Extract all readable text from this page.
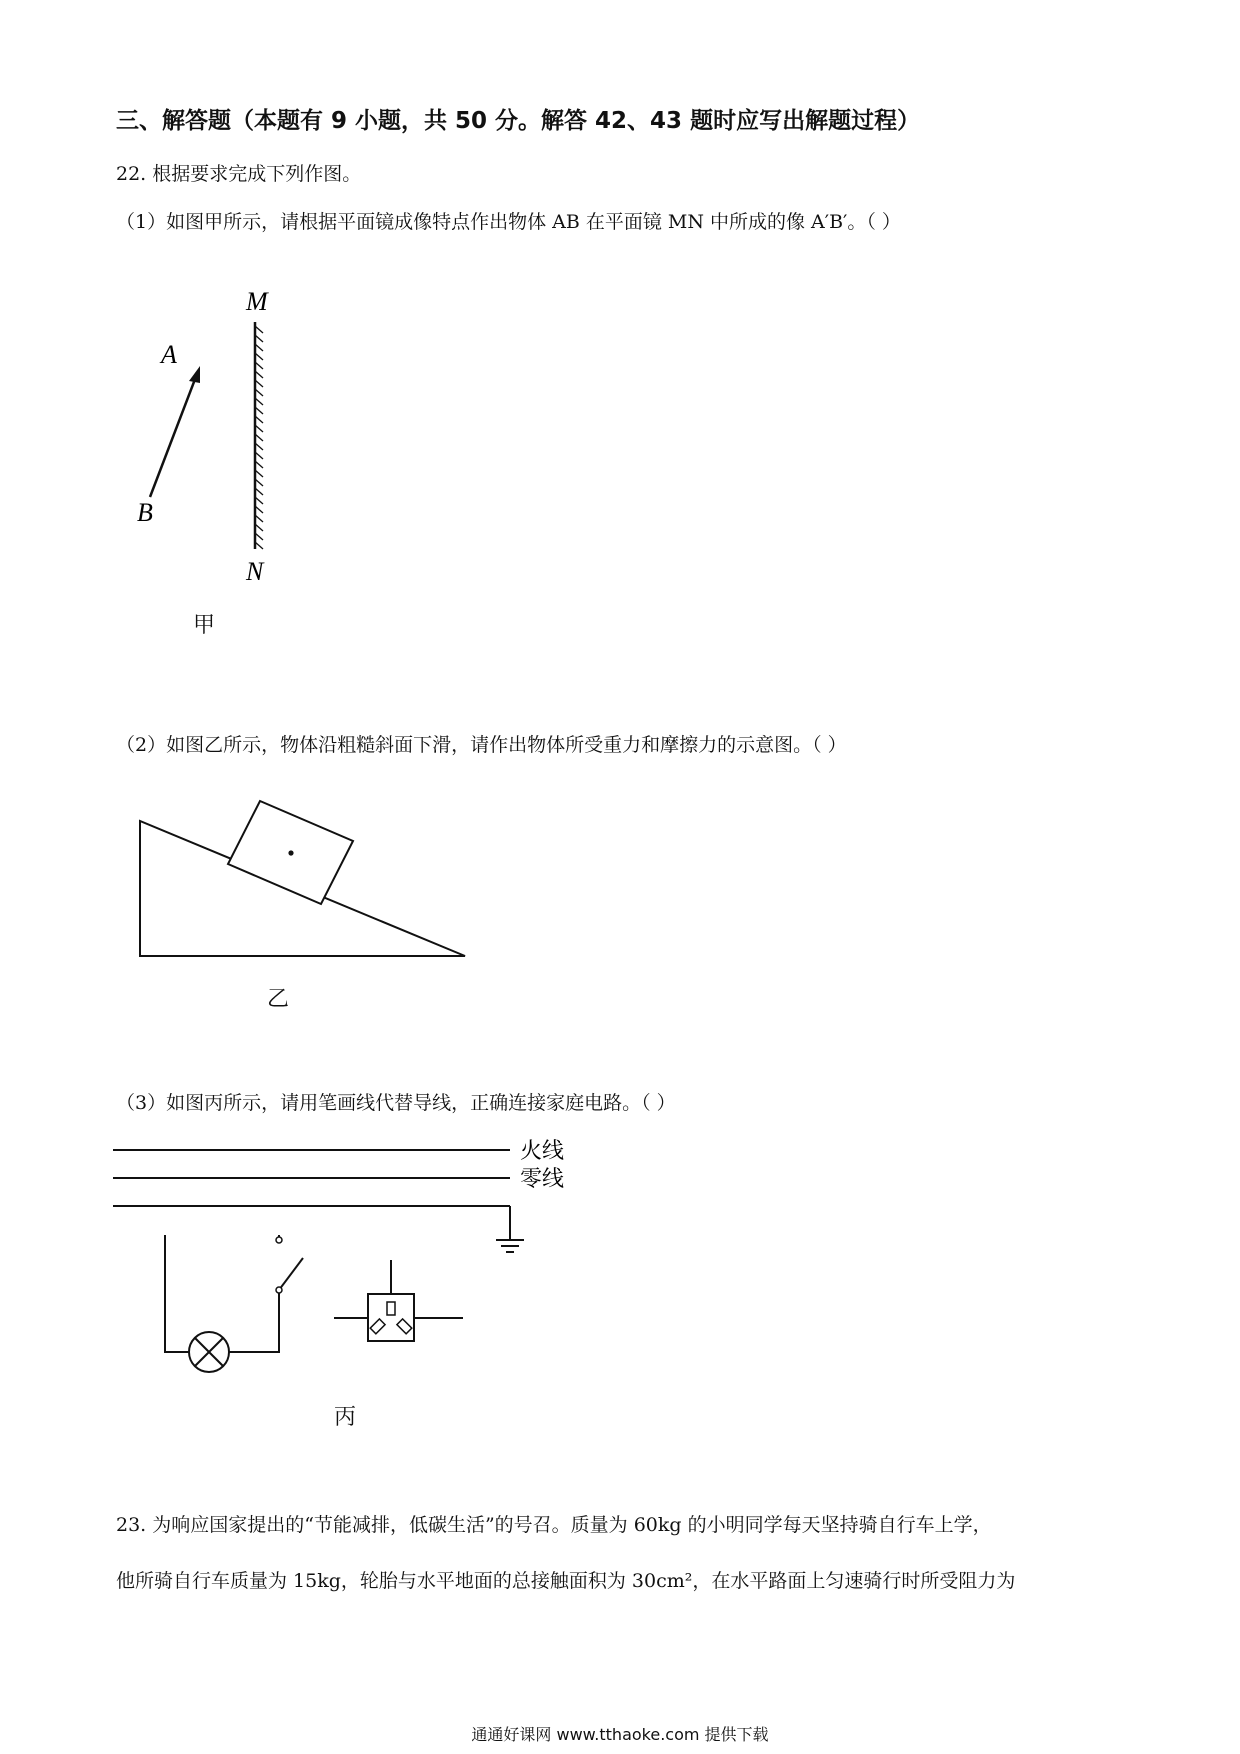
三、解答题（本题有 9 小题，共 50 分。解答 42、43 题时应写出解题过程）
22. 根据要求完成下列作图。
（1）如图甲所示，请根据平面镜成像特点作出物体 AB 在平面镜 MN 中所成的像 A′B′。（ ）
M
N
A
B
甲
（2）如图乙所示，物体沿粗糙斜面下滑，请作出物体所受重力和摩擦力的示意图。（ ）
乙
（3）如图丙所示，请用笔画线代替导线，正确连接家庭电路。（ ）
火线
零线
丙
23. 为响应国家提出的“节能减排，低碳生活”的号召。质量为 60kg 的小明同学每天坚持骑自行车上学，
他所骑自行车质量为 15kg，轮胎与水平地面的总接触面积为 30cm²，在水平路面上匀速骑行时所受阻力为
通通好课网 www.tthaoke.com 提供下载
